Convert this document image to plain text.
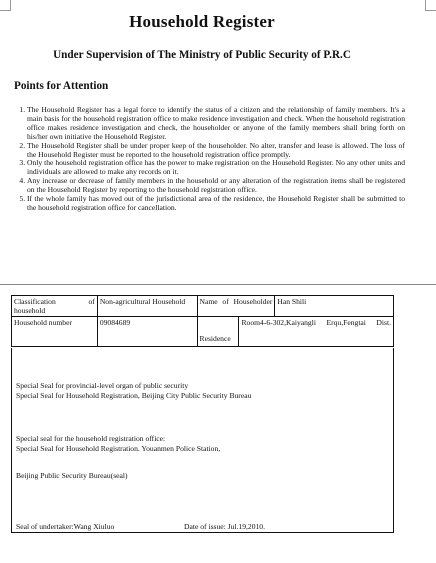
Household Register
Under Supervision of The Ministry of Public Security of P.R.C
Points for Attention
1. The Household Register has a legal force to identify the status of a citizen and the relationship of family members. It's a main basis for the household registration office to make residence investigation and check. When the household registration office makes residence investigation and check, the householder or anyone of the family members shall bring forth on his/her own initiative the Household Register.
2. The Household Register shall be under proper keep of the householder. No alter, transfer and lease is allowed. The loss of the Household Register must be reported to the household registration office promptly.
3. Only the household registration office has the power to make registration on the Household Register. No any other units and individuals are allowed to make any records on it.
4. Any increase or decrease of family members in the household or any alteration of the registration items shall be registered on the Household Register by reporting to the household registration office.
5. If the whole family has moved out of the jurisdictional area of the residence, the Household Register shall be submitted to the household registration office for cancellation.
Classification of household	Non-agricultural Household	Name of Householder		Han Shili
Household number	09084689	Residence	Room4-6-302,Kaiyangli Erqu,Fengtai Dist.	
Special Seal for provincial-level organ of public security
Special Seal for Household Registration, Beijing City Public Security Bureau
Special seal for the household registration office:
Special Seal for Household Registration. Youanmen Police Station,
Beijing Public Security Bureau(seal)
Seal of undertaker:Wang Xiuluo	Date of issue: Jul.19,2010.
